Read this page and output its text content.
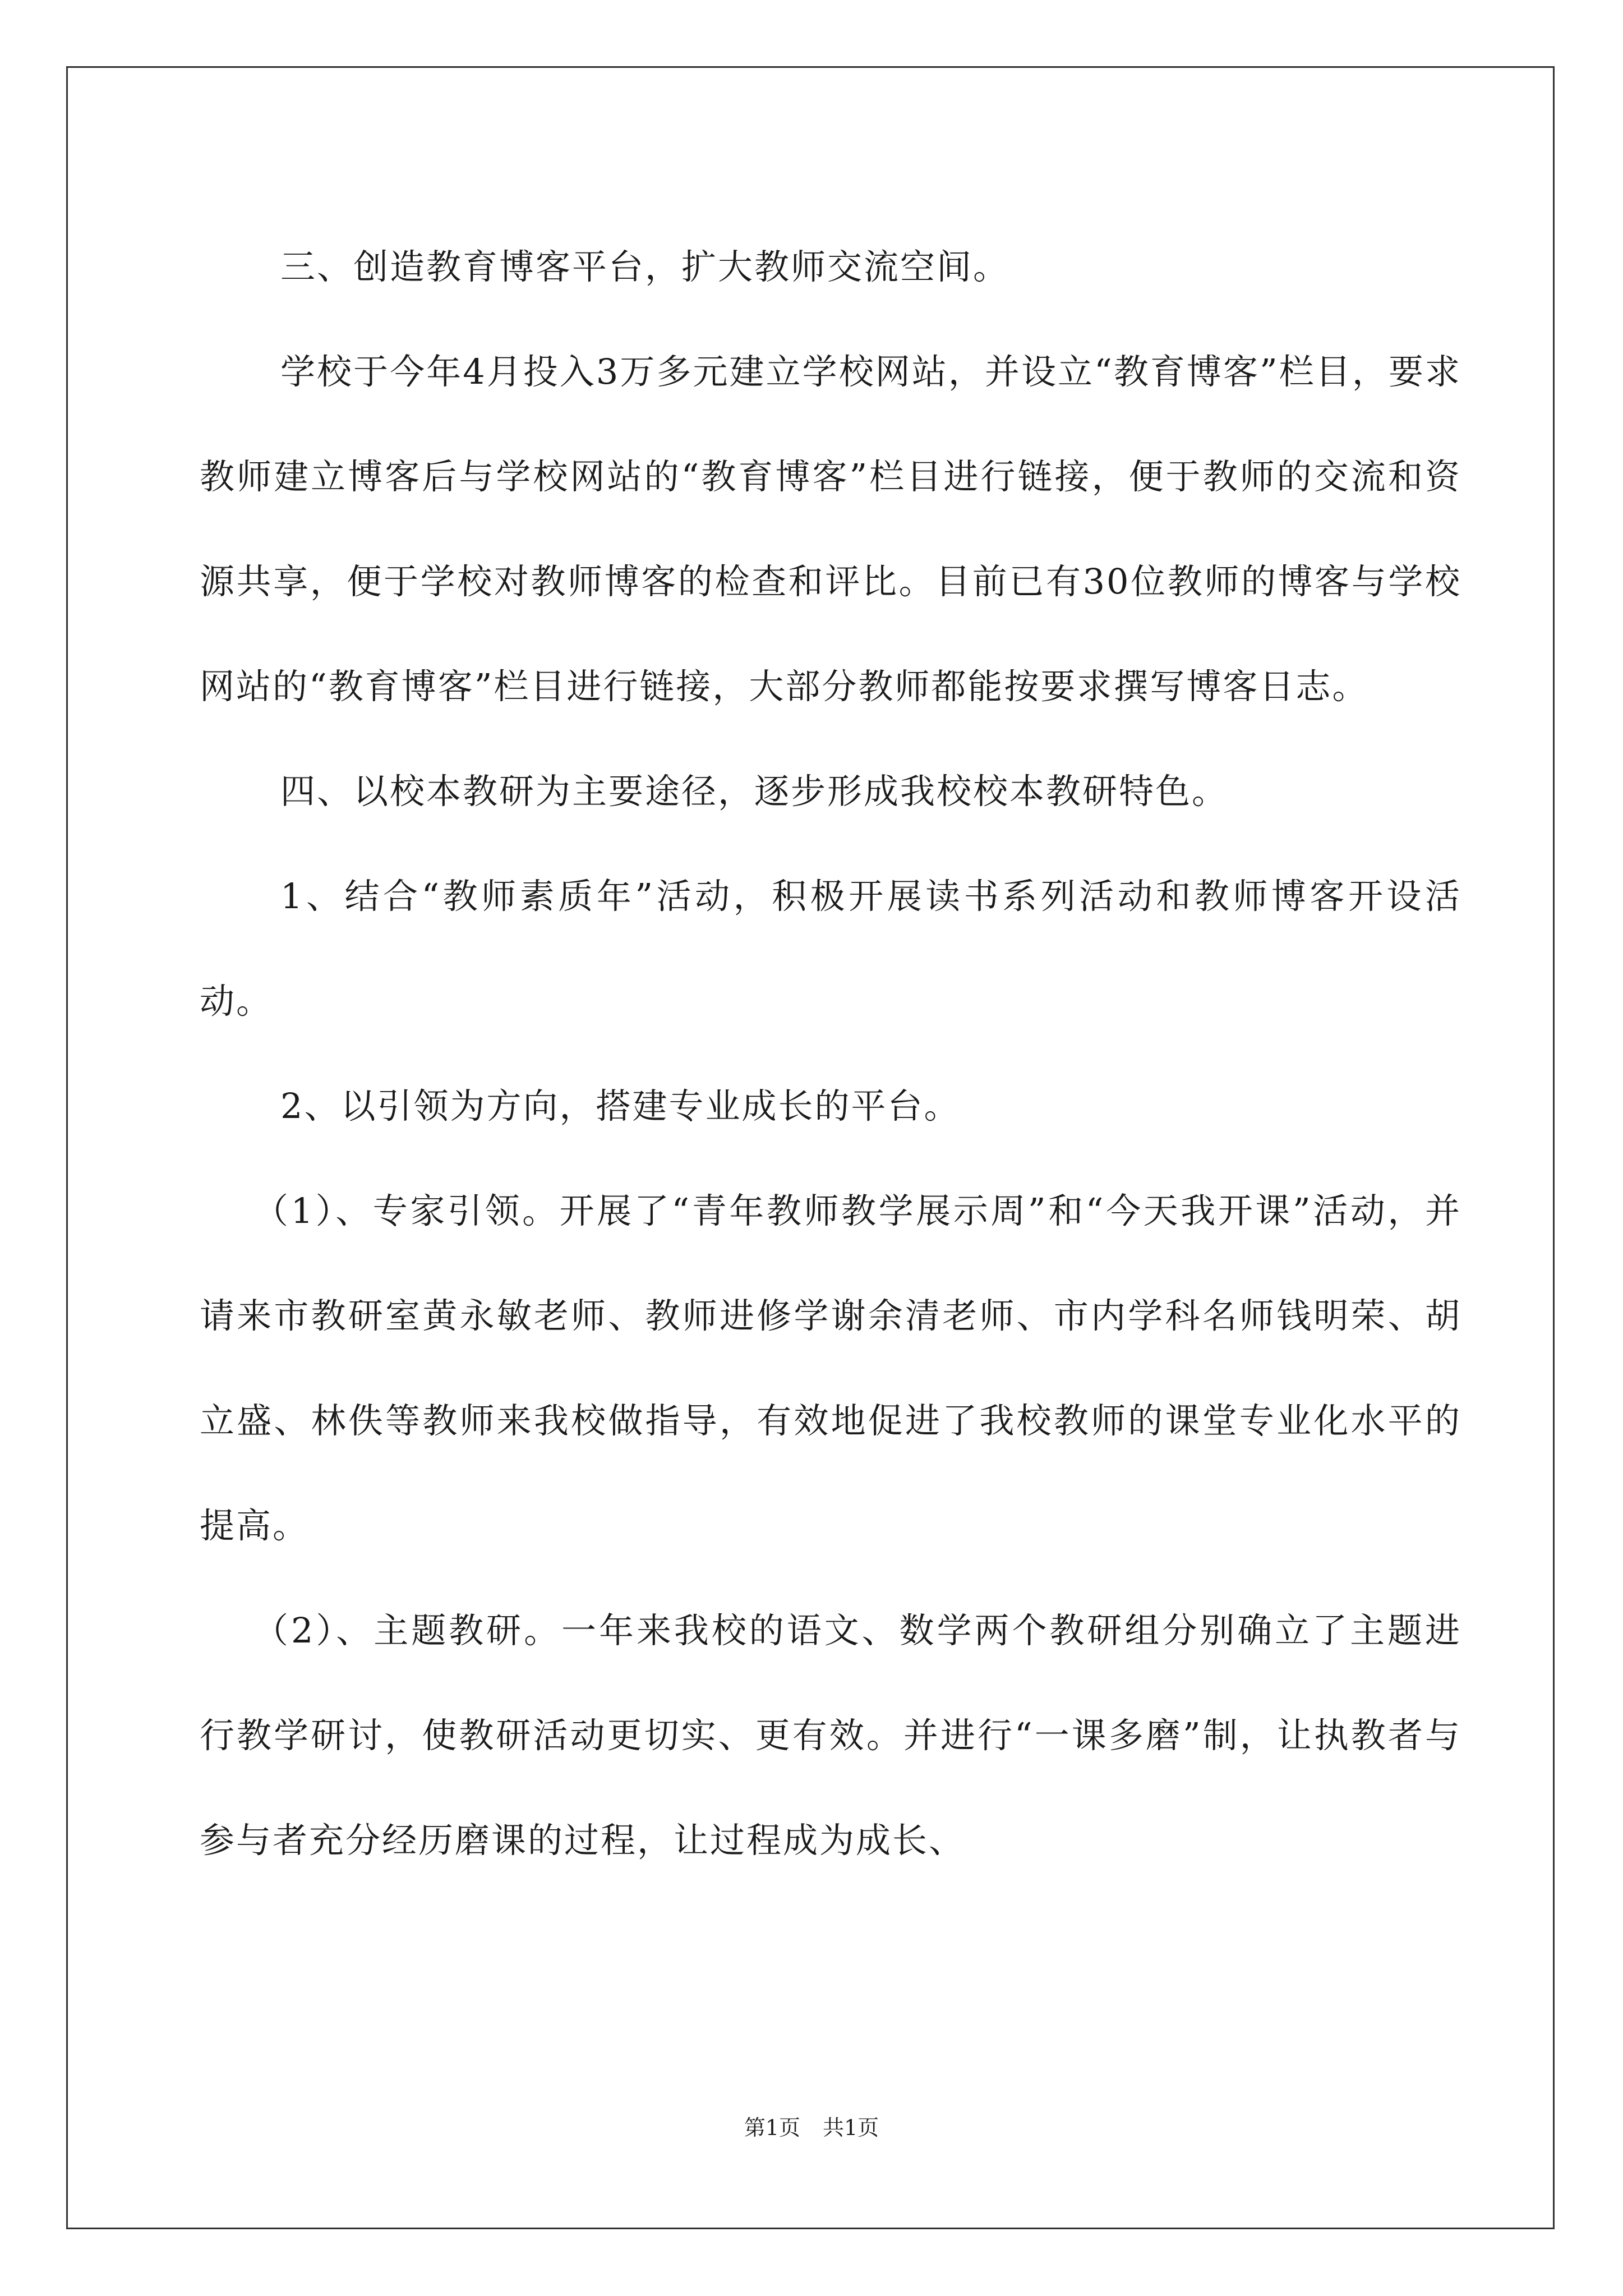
三、创造教育博客平台，扩大教师交流空间。

学校于今年4月投入3万多元建立学校网站，并设立“教育博客”栏目，要求教师建立博客后与学校网站的“教育博客”栏目进行链接，便于教师的交流和资源共享，便于学校对教师博客的检查和评比。目前已有30位教师的博客与学校网站的“教育博客”栏目进行链接，大部分教师都能按要求撰写博客日志。

四、以校本教研为主要途径，逐步形成我校校本教研特色。

1、结合“教师素质年”活动，积极开展读书系列活动和教师博客开设活动。

2、以引领为方向，搭建专业成长的平台。

（1）、专家引领。开展了“青年教师教学展示周”和“今天我开课”活动，并请来市教研室黄永敏老师、教师进修学谢余清老师、市内学科名师钱明荣、胡立盛、林佚等教师来我校做指导，有效地促进了我校教师的课堂专业化水平的提高。

（2）、主题教研。一年来我校的语文、数学两个教研组分别确立了主题进行教学研讨，使教研活动更切实、更有效。并进行“一课多磨”制，让执教者与参与者充分经历磨课的过程，让过程成为成长、

第1页 共1页
